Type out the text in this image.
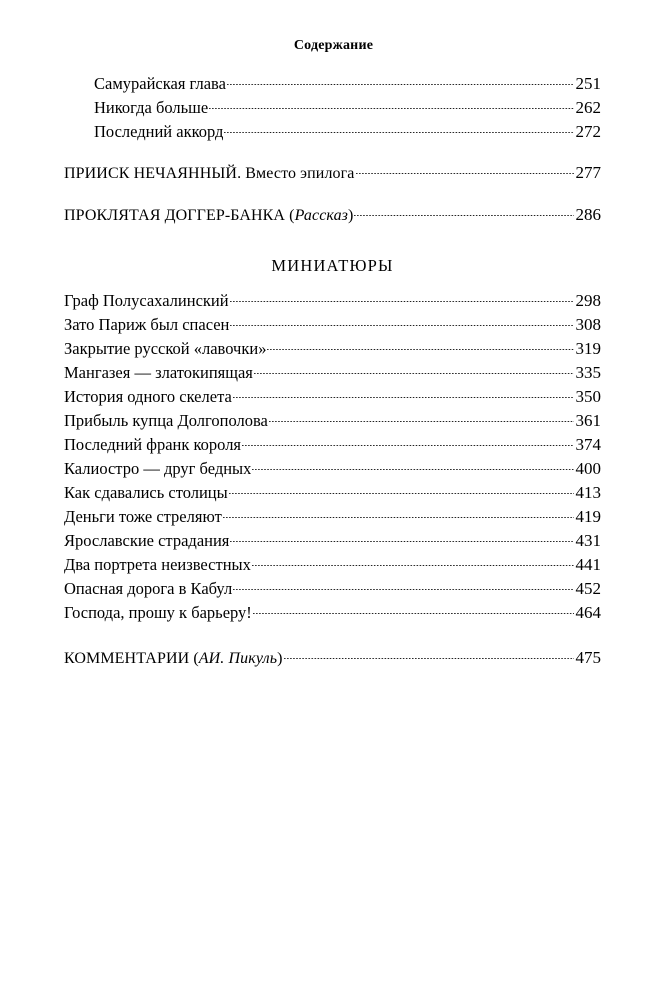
Содержание
Самурайская глава	251
Никогда больше	262
Последний аккорд	272
ПРИИСК НЕЧАЯННЫЙ. Вместо эпилога	277
ПРОКЛЯТАЯ ДОГГЕР-БАНКА (Рассказ)	286
МИНИАТЮРЫ
Граф Полусахалинский	298
Зато Париж был спасен	308
Закрытие русской «лавочки»	319
Мангазея — златокипящая	335
История одного скелета	350
Прибыль купца Долгополова	361
Последний франк короля	374
Калиостро — друг бедных	400
Как сдавались столицы	413
Деньги тоже стреляют	419
Ярославские страдания	431
Два портрета неизвестных	441
Опасная дорога в Кабул	452
Господа, прошу к барьеру!	464
КОММЕНТАРИИ (АИ. Пикуль)	475
